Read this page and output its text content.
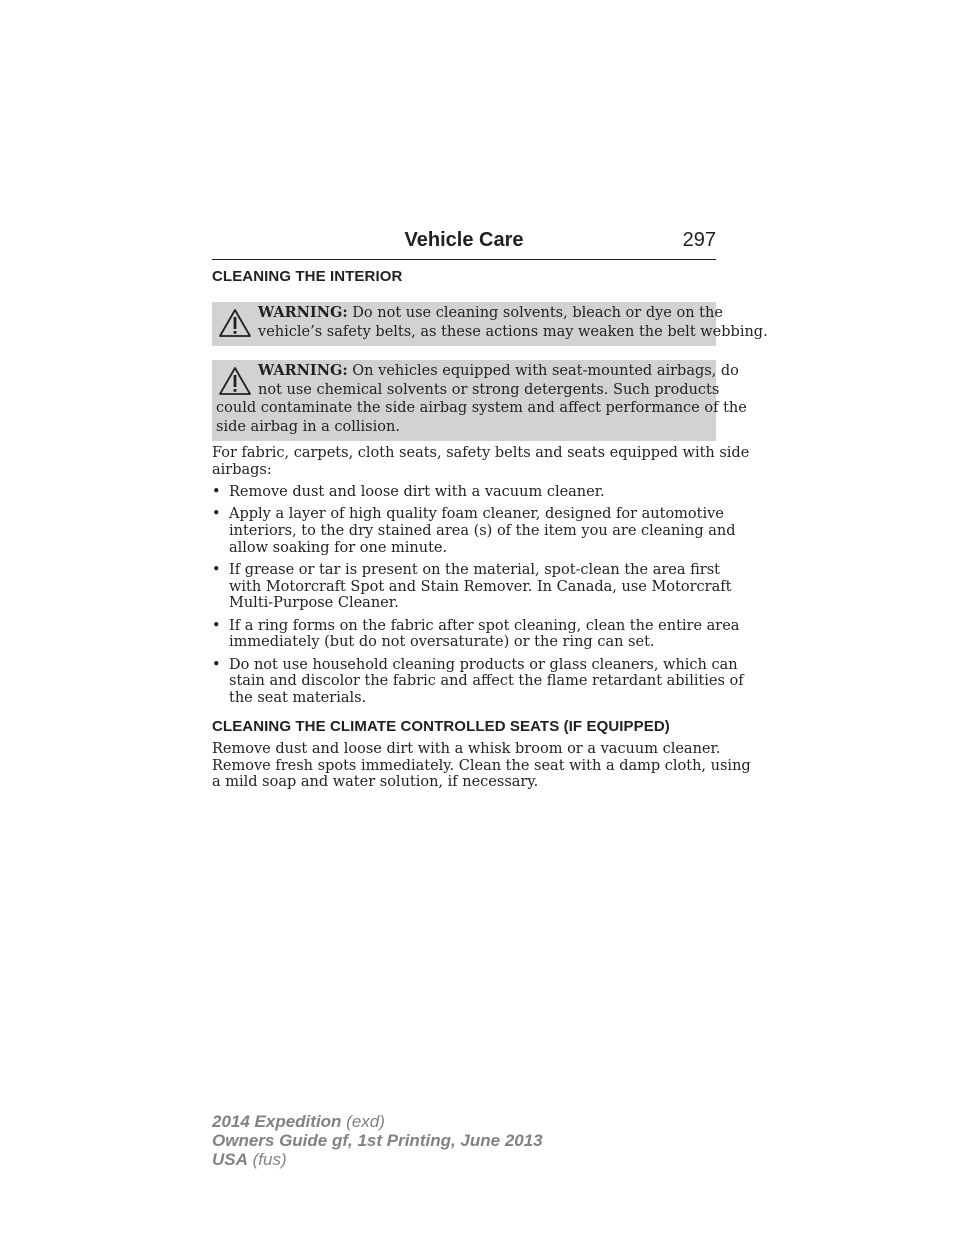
Vehicle Care	297
CLEANING THE INTERIOR
WARNING: Do not use cleaning solvents, bleach or dye on the
vehicle’s safety belts, as these actions may weaken the belt webbing.
WARNING: On vehicles equipped with seat-mounted airbags, do
not use chemical solvents or strong detergents. Such products
could contaminate the side airbag system and affect performance of the
side airbag in a collision.
For fabric, carpets, cloth seats, safety belts and seats equipped with side
airbags:
• Remove dust and loose dirt with a vacuum cleaner.
• Apply a layer of high quality foam cleaner, designed for automotive
interiors, to the dry stained area (s) of the item you are cleaning and
allow soaking for one minute.
• If grease or tar is present on the material, spot-clean the area first
with Motorcraft Spot and Stain Remover. In Canada, use Motorcraft
Multi-Purpose Cleaner.
• If a ring forms on the fabric after spot cleaning, clean the entire area
immediately (but do not oversaturate) or the ring can set.
• Do not use household cleaning products or glass cleaners, which can
stain and discolor the fabric and affect the flame retardant abilities of
the seat materials.
CLEANING THE CLIMATE CONTROLLED SEATS (IF EQUIPPED)
Remove dust and loose dirt with a whisk broom or a vacuum cleaner.
Remove fresh spots immediately. Clean the seat with a damp cloth, using
a mild soap and water solution, if necessary.
2014 Expedition (exd)
Owners Guide gf, 1st Printing, June 2013
USA (fus)
